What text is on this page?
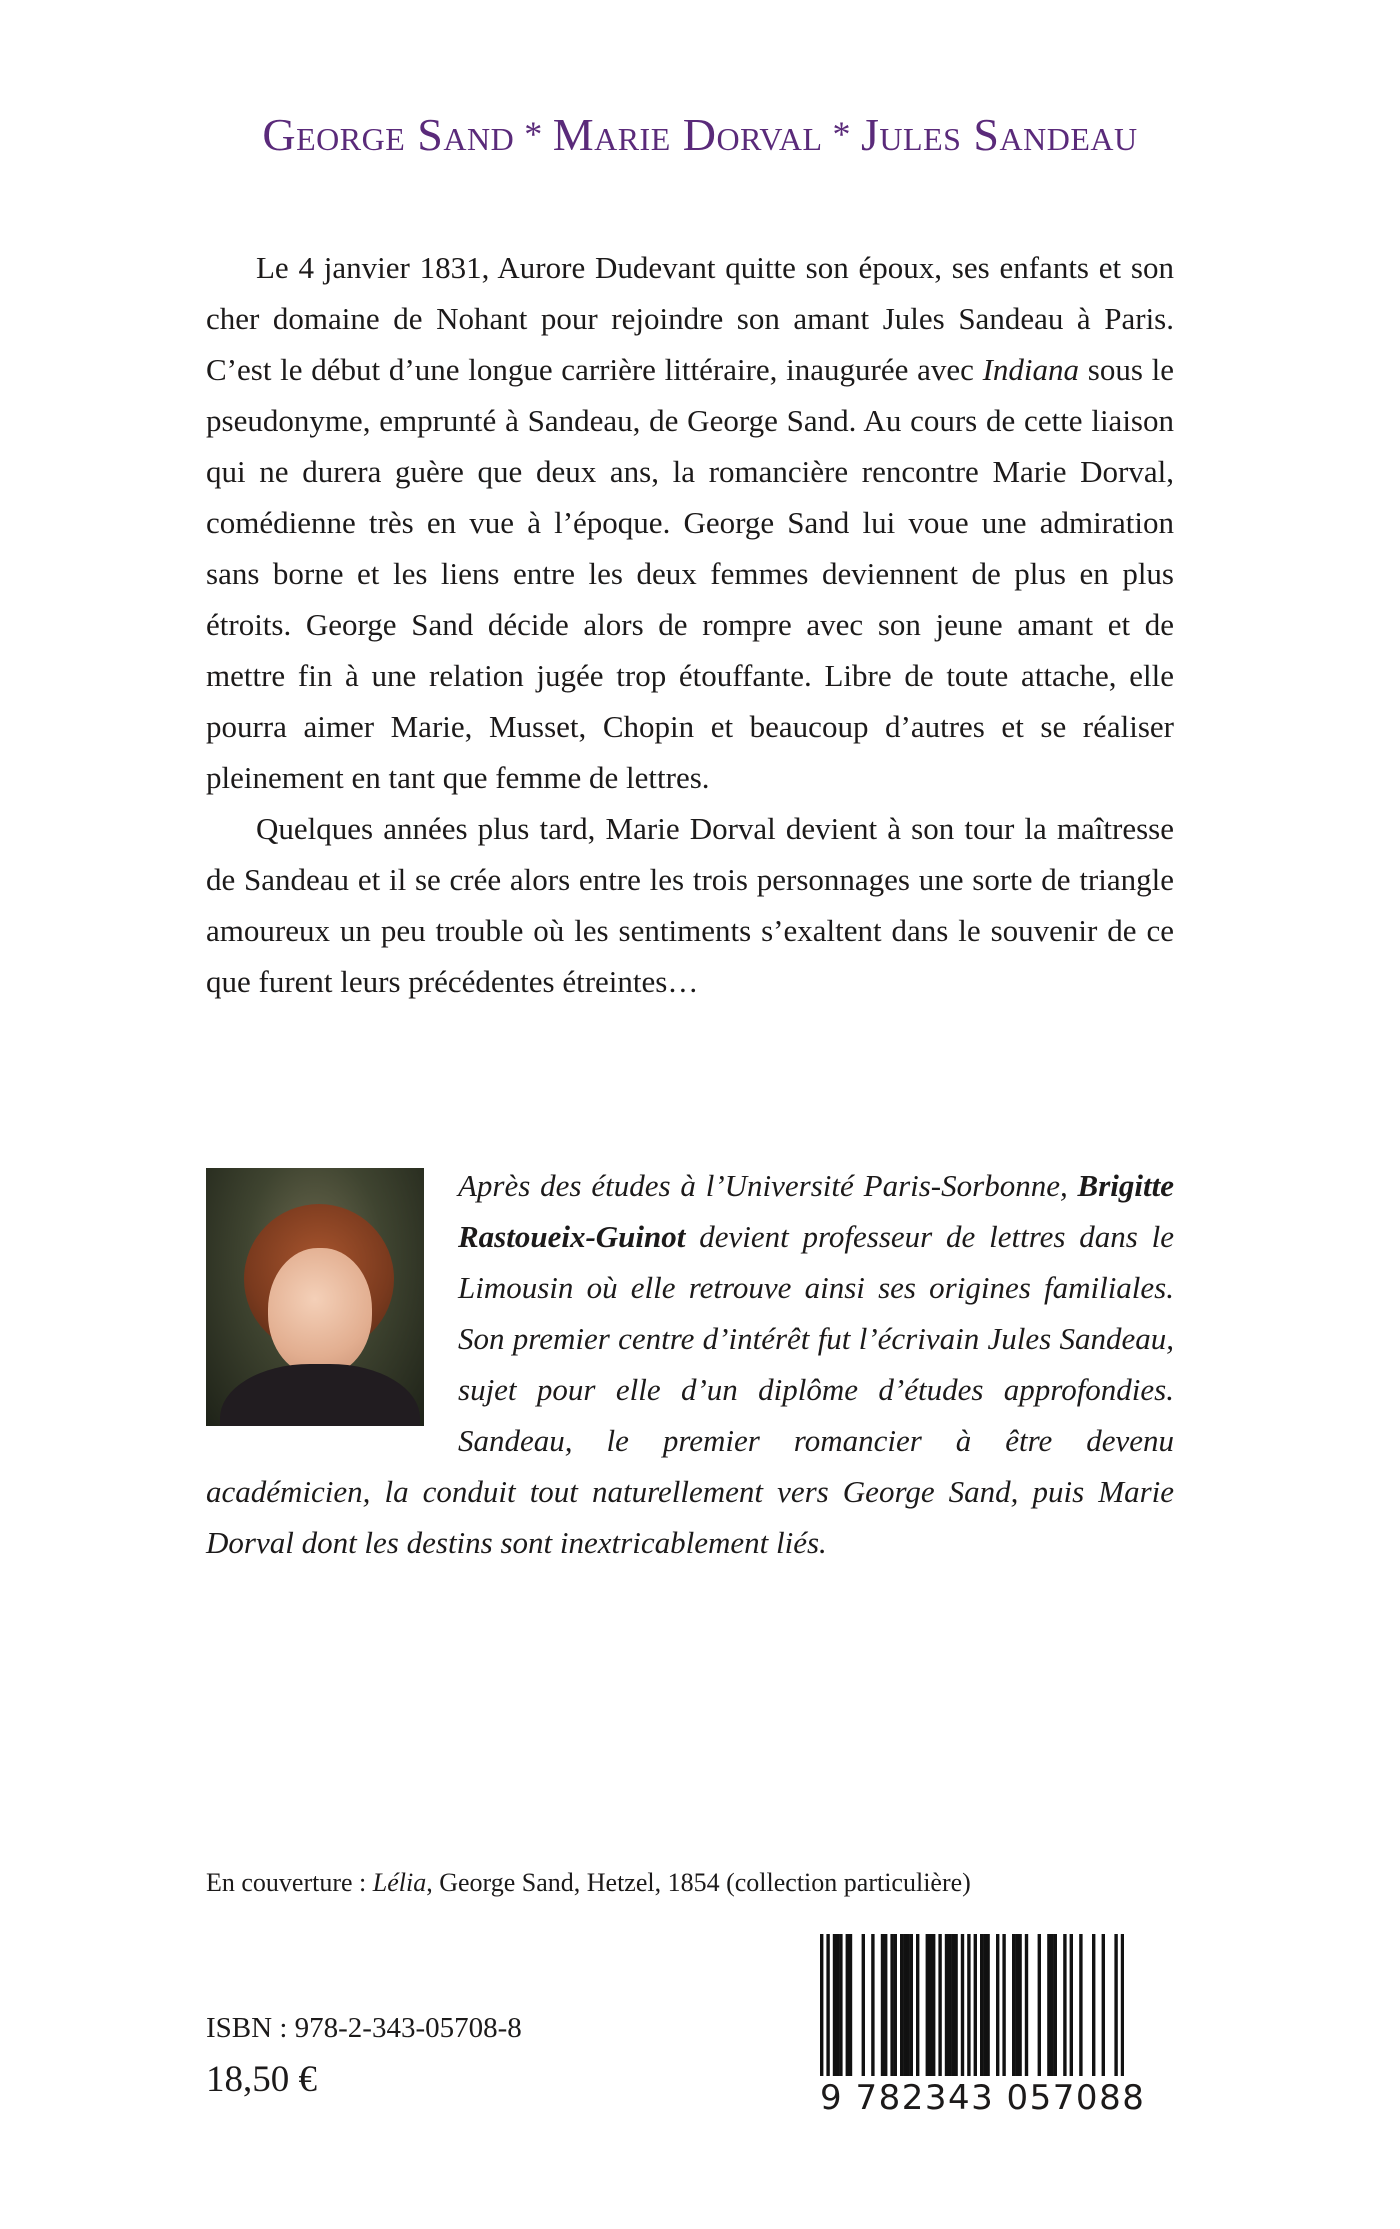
George Sand * Marie Dorval * Jules Sandeau

Le 4 janvier 1831, Aurore Dudevant quitte son époux, ses enfants et son cher domaine de Nohant pour rejoindre son amant Jules Sandeau à Paris. C’est le début d’une longue carrière littéraire, inaugurée avec Indiana sous le pseudonyme, emprunté à Sandeau, de George Sand. Au cours de cette liaison qui ne durera guère que deux ans, la romancière rencontre Marie Dorval, comédienne très en vue à l’époque. George Sand lui voue une admiration sans borne et les liens entre les deux femmes deviennent de plus en plus étroits. George Sand décide alors de rompre avec son jeune amant et de mettre fin à une relation jugée trop étouffante. Libre de toute attache, elle pourra aimer Marie, Musset, Chopin et beaucoup d’autres et se réaliser pleinement en tant que femme de lettres.

Quelques années plus tard, Marie Dorval devient à son tour la maîtresse de Sandeau et il se crée alors entre les trois personnages une sorte de triangle amoureux un peu trouble où les sentiments s’exaltent dans le souvenir de ce que furent leurs précédentes étreintes…

Après des études à l’Université Paris-Sorbonne, Brigitte Rastoueix-Guinot devient professeur de lettres dans le Limousin où elle retrouve ainsi ses origines familiales. Son premier centre d’intérêt fut l’écrivain Jules Sandeau, sujet pour elle d’un diplôme d’études approfondies. Sandeau, le premier romancier à être devenu académicien, la conduit tout naturellement vers George Sand, puis Marie Dorval dont les destins sont inextricablement liés.
En couverture : Lélia, George Sand, Hetzel, 1854 (collection particulière)
ISBN : 978-2-343-05708-8
18,50 €	9 782343 057088
